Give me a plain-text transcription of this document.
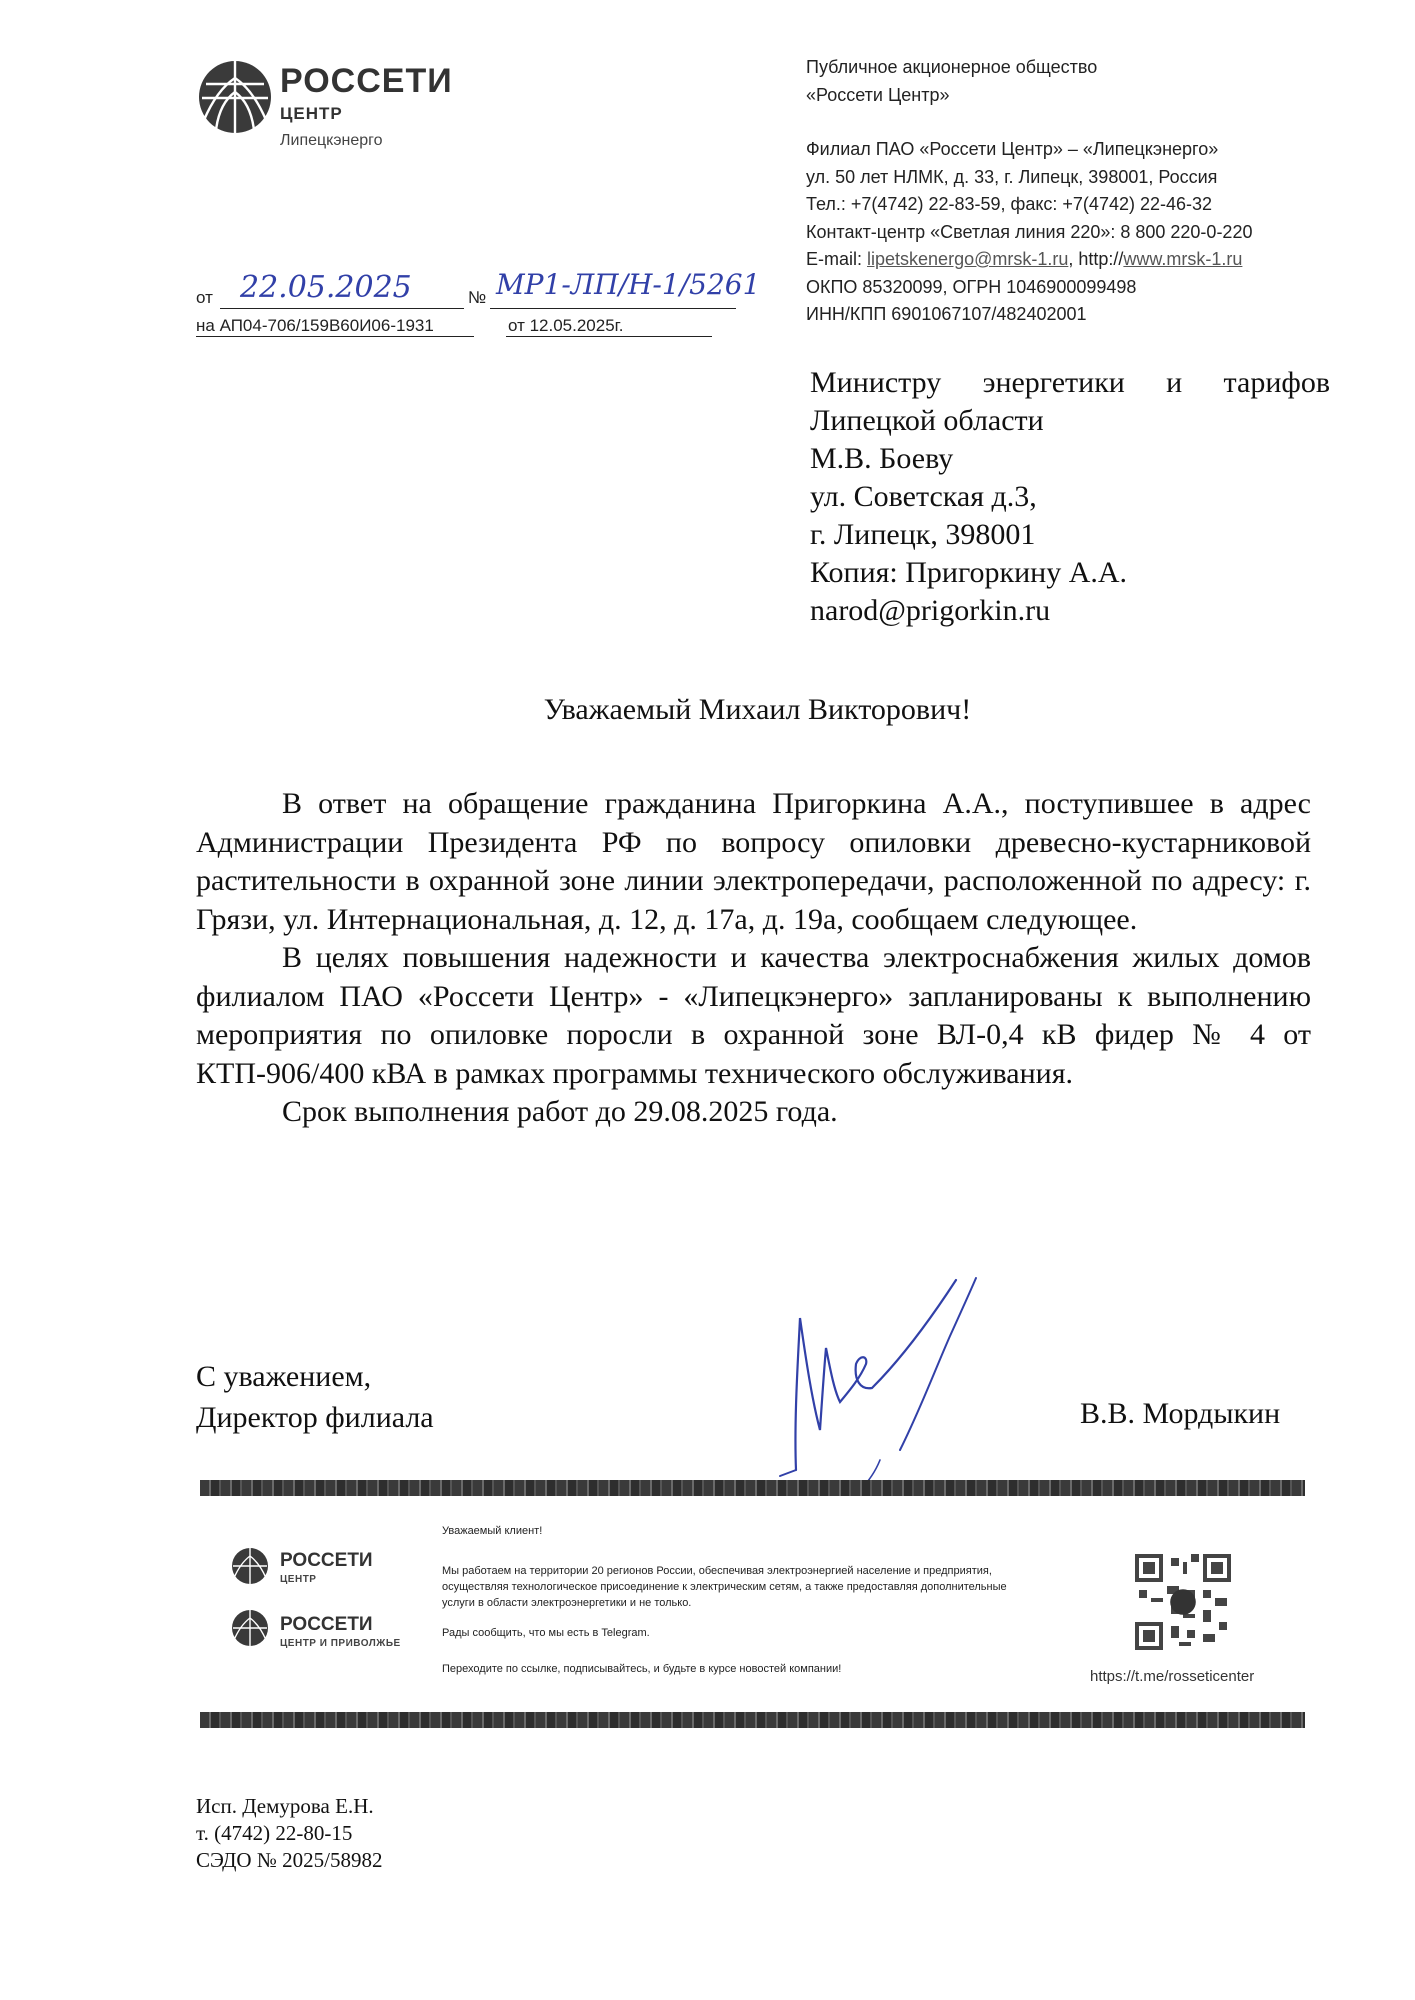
РОССЕТИ
ЦЕНТР
Липецкэнерго
Публичное акционерное общество
«Россети Центр»
Филиал ПАО «Россети Центр» – «Липецкэнерго»
ул. 50 лет НЛМК, д. 33, г. Липецк, 398001, Россия
Тел.: +7(4742) 22-83-59, факс: +7(4742) 22-46-32
Контакт-центр «Светлая линия 220»: 8 800 220-0-220
E-mail: lipetskenergo@mrsk-1.ru, http://www.mrsk-1.ru
ОКПО 85320099, ОГРН 1046900099498
ИНН/КПП 6901067107/482402001
от 22.05.2025	№ МР1-ЛП/Н-1/5261
на АП04-706/159В60И06-1931	от 12.05.2025г.
Министру энергетики и тарифов
Липецкой области
М.В. Боеву
ул. Советская д.3,
г. Липецк, 398001
Копия: Пригоркину А.А.
narod@prigorkin.ru
Уважаемый Михаил Викторович!

В ответ на обращение гражданина Пригоркина А.А., поступившее в адрес Администрации Президента РФ по вопросу опиловки древесно-кустарниковой растительности в охранной зоне линии электропередачи, расположенной по адресу: г. Грязи, ул. Интернациональная, д. 12, д. 17а, д. 19а, сообщаем следующее.

В целях повышения надежности и качества электроснабжения жилых домов филиалом ПАО «Россети Центр» - «Липецкэнерго» запланированы к выполнению мероприятия по опиловке поросли в охранной зоне ВЛ-0,4 кВ фидер № 4 от КТП-906/400 кВА в рамках программы технического обслуживания.

Срок выполнения работ до 29.08.2025 года.

С уважением,
Директор филиала	В.В. Мордыкин
РОССЕТИ
ЦЕНТР
РОССЕТИ
ЦЕНТР И ПРИВОЛЖЬЕ
Уважаемый клиент!
Мы работаем на территории 20 регионов России, обеспечивая электроэнергией население и предприятия,
осуществляя технологическое присоединение к электрическим сетям, а также предоставляя дополнительные
услуги в области электроэнергетики и не только.
Рады сообщить, что мы есть в Telegram.
Переходите по ссылке, подписывайтесь, и будьте в курсе новостей компании!	https://t.me/rosseticenter
Исп. Демурова Е.Н.
т. (4742) 22-80-15
СЭДО № 2025/58982
